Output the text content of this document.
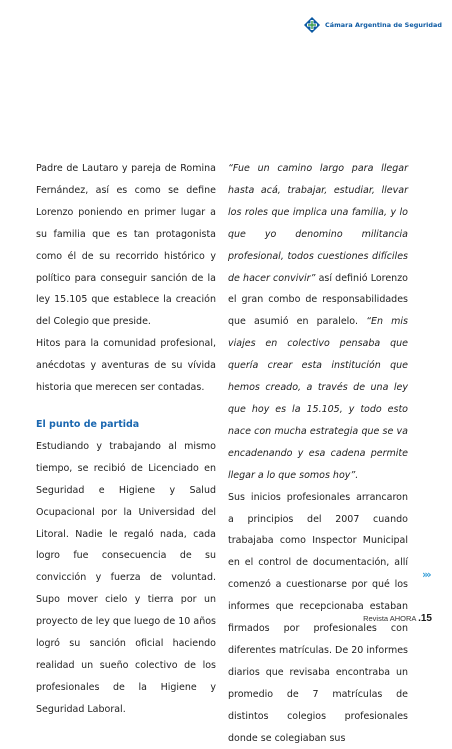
Cámara Argentina de Seguridad

Padre de Lautaro y pareja de Romina Fernández, así es como se define Lorenzo poniendo en primer lugar a su familia que es tan protagonista como él de su recorrido histórico y político para conseguir sanción de la ley 15.105 que establece la creación del Colegio que preside.

Hitos para la comunidad profesional, anécdotas y aventuras de su vívida historia que merecen ser contadas.

El punto de partida

Estudiando y trabajando al mismo tiempo, se recibió de Licenciado en Seguridad e Higiene y Salud Ocupacional por la Universidad del Litoral. Nadie le regaló nada, cada logro fue consecuencia de su convicción y fuerza de voluntad. Supo mover cielo y tierra por un proyecto de ley que luego de 10 años logró su sanción oficial haciendo realidad un sueño colectivo de los profesionales de la Higiene y Seguridad Laboral.

“Fue un camino largo para llegar hasta acá, trabajar, estudiar, llevar los roles que implica una familia, y lo que yo denomino militancia profesional, todos cuestiones difíciles de hacer convivir” así definió Lorenzo el gran combo de responsabilidades que asumió en paralelo. “En mis viajes en colectivo pensaba que quería crear esta institución que hemos creado, a través de una ley que hoy es la 15.105, y todo esto nace con mucha estrategia que se va encadenando y esa cadena permite llegar a lo que somos hoy”.

Sus inicios profesionales arrancaron a principios del 2007 cuando trabajaba como Inspector Municipal en el control de documentación, allí comenzó a cuestionarse por qué los informes que recepcionaba estaban firmados por profesionales con diferentes matrículas. De 20 informes diarios que revisaba encontraba un promedio de 7 matrículas de distintos colegios profesionales donde se colegiaban sus

›››
Revista AHORA .15
